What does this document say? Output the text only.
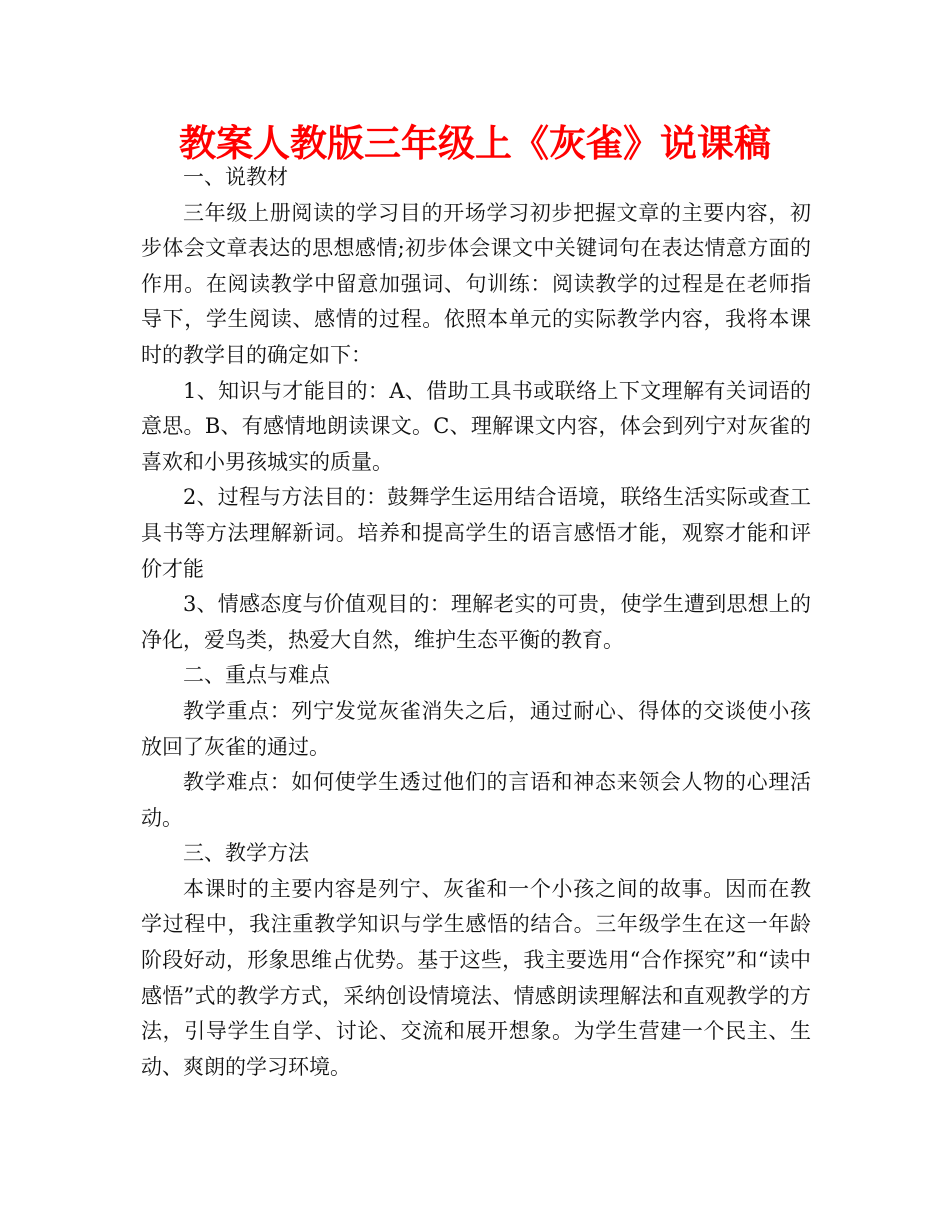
教案人教版三年级上《灰雀》说课稿

一、说教材

三年级上册阅读的学习目的开场学习初步把握文章的主要内容，初步体会文章表达的思想感情;初步体会课文中关键词句在表达情意方面的作用。在阅读教学中留意加强词、句训练：阅读教学的过程是在老师指导下，学生阅读、感情的过程。依照本单元的实际教学内容，我将本课时的教学目的确定如下：

1、知识与才能目的：A、借助工具书或联络上下文理解有关词语的意思。B、有感情地朗读课文。C、理解课文内容，体会到列宁对灰雀的喜欢和小男孩城实的质量。

2、过程与方法目的：鼓舞学生运用结合语境，联络生活实际或查工具书等方法理解新词。培养和提高学生的语言感悟才能，观察才能和评价才能

3、情感态度与价值观目的：理解老实的可贵，使学生遭到思想上的净化，爱鸟类，热爱大自然，维护生态平衡的教育。

二、重点与难点

教学重点：列宁发觉灰雀消失之后，通过耐心、得体的交谈使小孩放回了灰雀的通过。

教学难点：如何使学生透过他们的言语和神态来领会人物的心理活动。

三、教学方法

本课时的主要内容是列宁、灰雀和一个小孩之间的故事。因而在教学过程中，我注重教学知识与学生感悟的结合。三年级学生在这一年龄阶段好动，形象思维占优势。基于这些，我主要选用“合作探究”和“读中感悟”式的教学方式，采纳创设情境法、情感朗读理解法和直观教学的方法，引导学生自学、讨论、交流和展开想象。为学生营建一个民主、生动、爽朗的学习环境。
